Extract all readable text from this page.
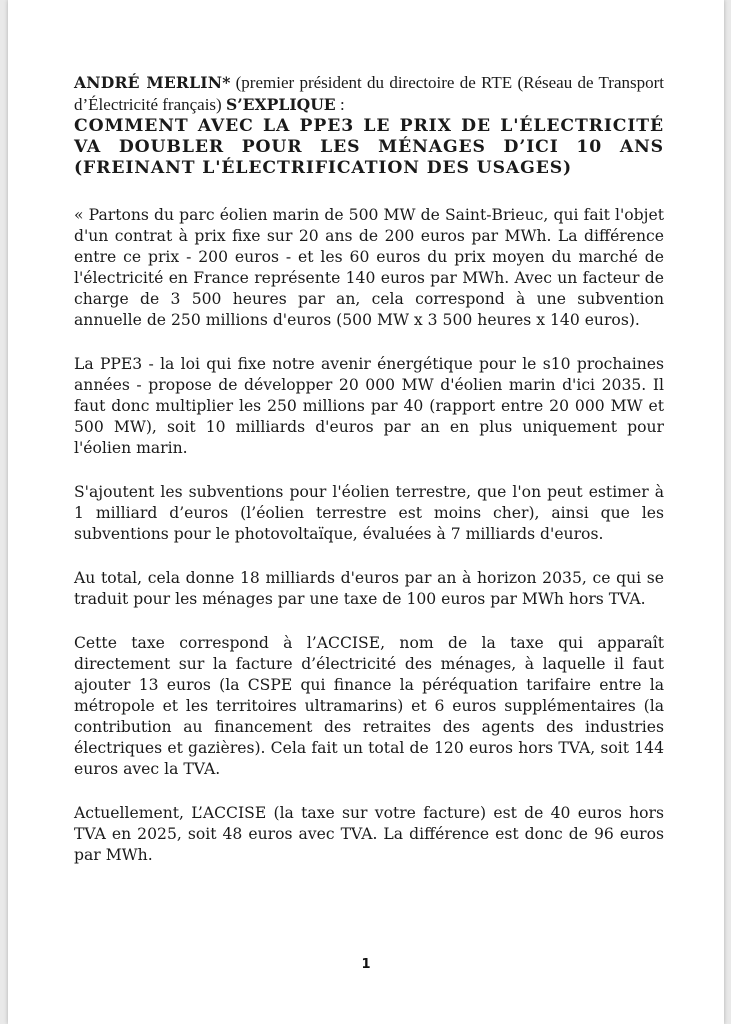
ANDRÉ MERLIN* (premier président du directoire de RTE (Réseau de Transport d’Électricité français) S’EXPLIQUE :

COMMENT AVEC LA PPE3 LE PRIX DE L'ÉLECTRICITÉ VA DOUBLER POUR LES MÉNAGES D’ICI 10 ANS (FREINANT L'ÉLECTRIFICATION DES USAGES)

« Partons du parc éolien marin de 500 MW de Saint-Brieuc, qui fait l'objet d'un contrat à prix fixe sur 20 ans de 200 euros par MWh. La différence entre ce prix - 200 euros - et les 60 euros du prix moyen du marché de l'électricité en France représente 140 euros par MWh. Avec un facteur de charge de 3 500 heures par an, cela correspond à une subvention annuelle de 250 millions d'euros (500 MW x 3 500 heures x 140 euros).

La PPE3 - la loi qui fixe notre avenir énergétique pour le s10 prochaines années - propose de développer 20 000 MW d'éolien marin d'ici 2035. Il faut donc multiplier les 250 millions par 40 (rapport entre 20 000 MW et 500 MW), soit 10 milliards d'euros par an en plus uniquement pour l'éolien marin.

S'ajoutent les subventions pour l'éolien terrestre, que l'on peut estimer à 1 milliard d’euros (l’éolien terrestre est moins cher), ainsi que les subventions pour le photovoltaïque, évaluées à 7 milliards d'euros.

Au total, cela donne 18 milliards d'euros par an à horizon 2035, ce qui se traduit pour les ménages par une taxe de 100 euros par MWh hors TVA.

Cette taxe correspond à l’ACCISE, nom de la taxe qui apparaît directement sur la facture d’électricité des ménages, à laquelle il faut ajouter 13 euros (la CSPE qui finance la péréquation tarifaire entre la métropole et les territoires ultramarins) et 6 euros supplémentaires (la contribution au financement des retraites des agents des industries électriques et gazières). Cela fait un total de 120 euros hors TVA, soit 144 euros avec la TVA.

Actuellement, L’ACCISE (la taxe sur votre facture) est de 40 euros hors TVA en 2025, soit 48 euros avec TVA. La différence est donc de 96 euros par MWh.

1
